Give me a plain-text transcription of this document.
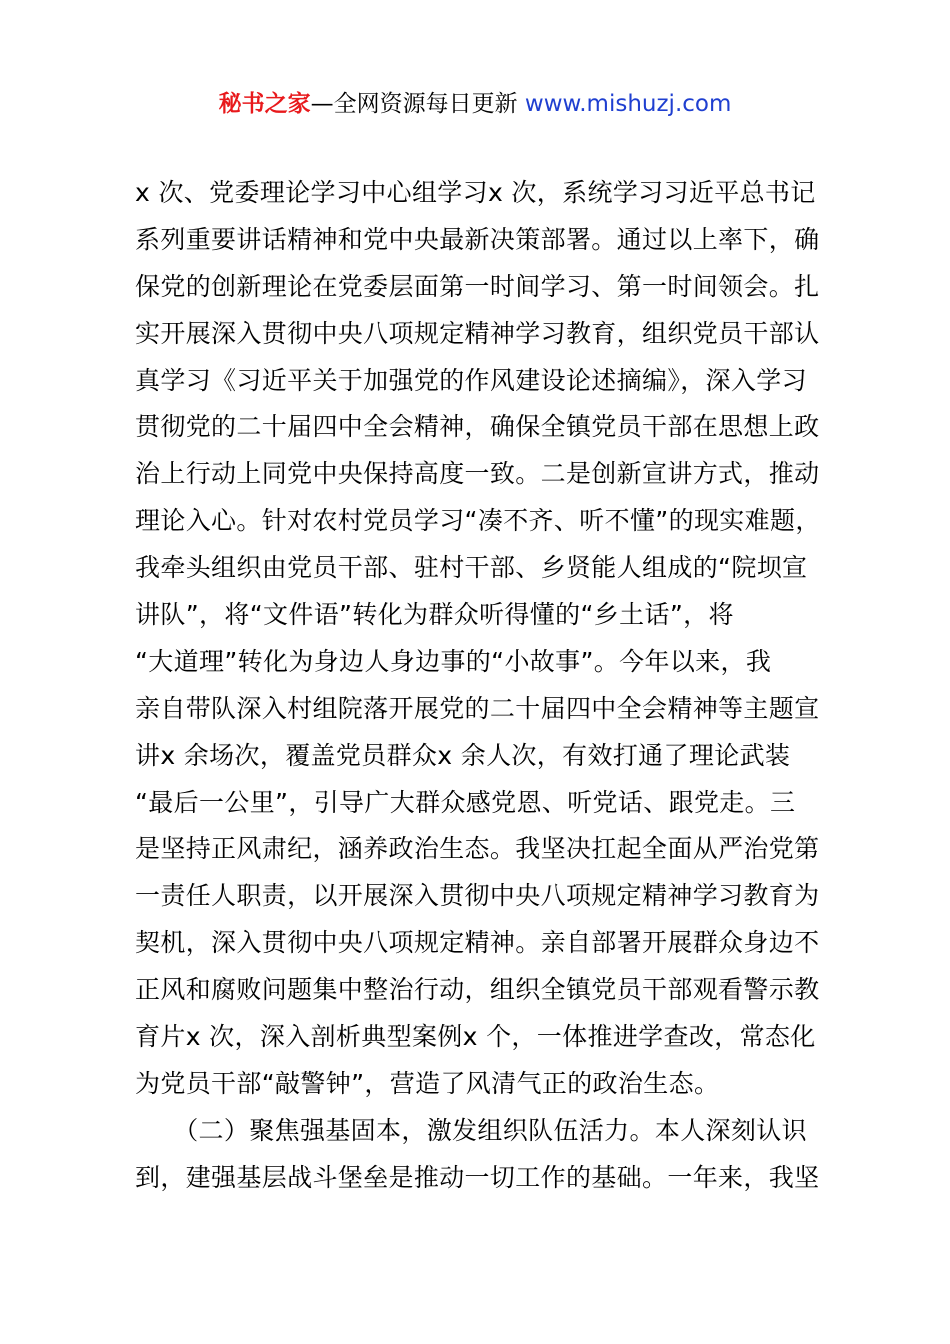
秘书之家—全网资源每日更新 www.mishuzj.com
x 次、党委理论学习中心组学习x 次，系统学习习近平总书记
系列重要讲话精神和党中央最新决策部署。通过以上率下，确
保党的创新理论在党委层面第一时间学习、第一时间领会。扎
实开展深入贯彻中央八项规定精神学习教育，组织党员干部认
真学习《习近平关于加强党的作风建设论述摘编》，深入学习
贯彻党的二十届四中全会精神，确保全镇党员干部在思想上政
治上行动上同党中央保持高度一致。二是创新宣讲方式，推动
理论入心。针对农村党员学习“凑不齐、听不懂”的现实难题，
我牵头组织由党员干部、驻村干部、乡贤能人组成的“院坝宣
讲队”，将“文件语”转化为群众听得懂的“乡土话”，将
“大道理”转化为身边人身边事的“小故事”。今年以来，我
亲自带队深入村组院落开展党的二十届四中全会精神等主题宣
讲x 余场次，覆盖党员群众x 余人次，有效打通了理论武装
“最后一公里”，引导广大群众感党恩、听党话、跟党走。三
是坚持正风肃纪，涵养政治生态。我坚决扛起全面从严治党第
一责任人职责，以开展深入贯彻中央八项规定精神学习教育为
契机，深入贯彻中央八项规定精神。亲自部署开展群众身边不
正风和腐败问题集中整治行动，组织全镇党员干部观看警示教
育片x 次，深入剖析典型案例x 个，一体推进学查改，常态化
为党员干部“敲警钟”，营造了风清气正的政治生态。
　　（二）聚焦强基固本，激发组织队伍活力。本人深刻认识
到，建强基层战斗堡垒是推动一切工作的基础。一年来，我坚
